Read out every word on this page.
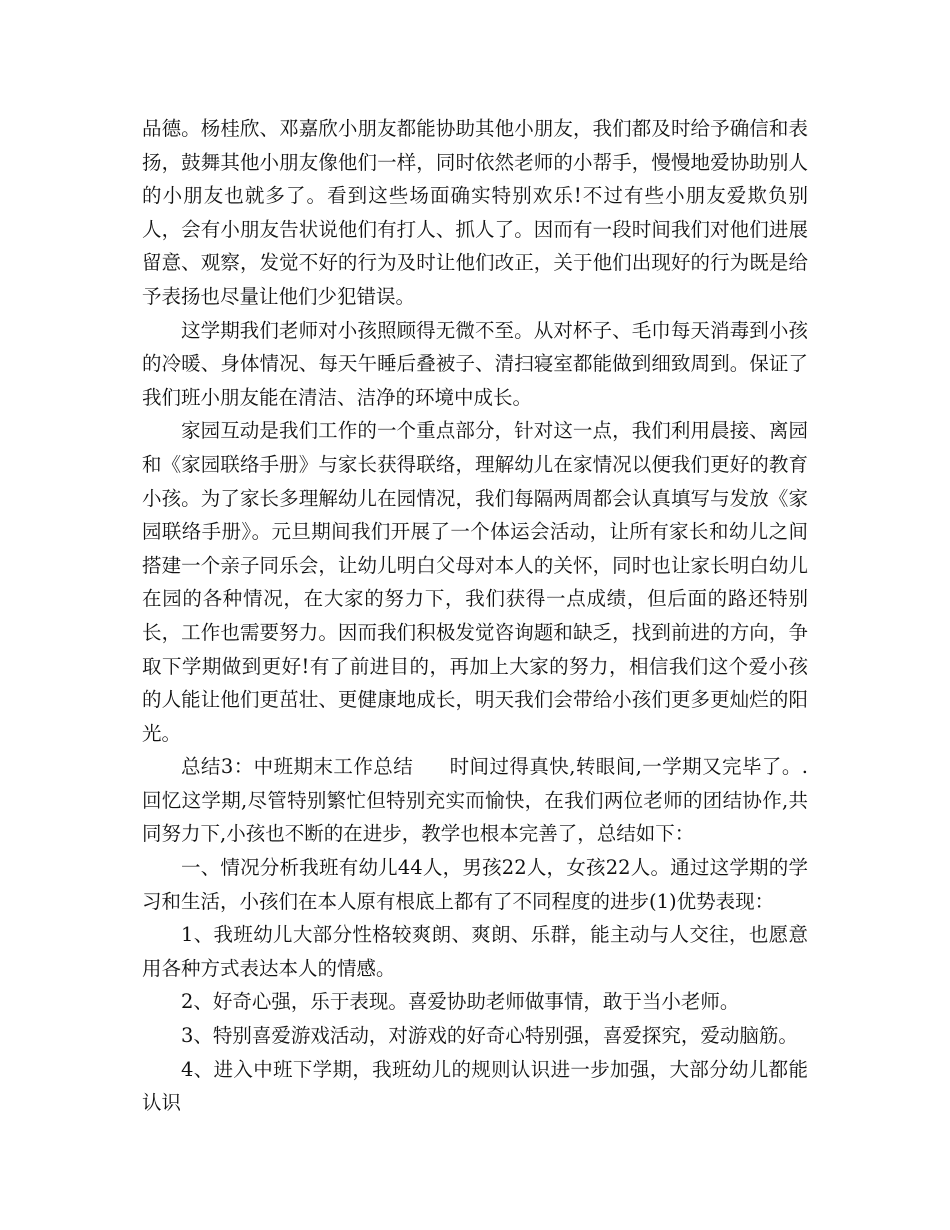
品德。杨桂欣、邓嘉欣小朋友都能协助其他小朋友，我们都及时给予确信和表扬，鼓舞其他小朋友像他们一样，同时依然老师的小帮手，慢慢地爱协助别人的小朋友也就多了。看到这些场面确实特别欢乐!不过有些小朋友爱欺负别人，会有小朋友告状说他们有打人、抓人了。因而有一段时间我们对他们进展留意、观察，发觉不好的行为及时让他们改正，关于他们出现好的行为既是给予表扬也尽量让他们少犯错误。

这学期我们老师对小孩照顾得无微不至。从对杯子、毛巾每天消毒到小孩的冷暖、身体情况、每天午睡后叠被子、清扫寝室都能做到细致周到。保证了我们班小朋友能在清洁、洁净的环境中成长。

家园互动是我们工作的一个重点部分，针对这一点，我们利用晨接、离园和《家园联络手册》与家长获得联络，理解幼儿在家情况以便我们更好的教育小孩。为了家长多理解幼儿在园情况，我们每隔两周都会认真填写与发放《家园联络手册》。元旦期间我们开展了一个体运会活动，让所有家长和幼儿之间搭建一个亲子同乐会，让幼儿明白父母对本人的关怀，同时也让家长明白幼儿在园的各种情况，在大家的努力下，我们获得一点成绩，但后面的路还特别长，工作也需要努力。因而我们积极发觉咨询题和缺乏，找到前进的方向，争取下学期做到更好!有了前进目的，再加上大家的努力，相信我们这个爱小孩的人能让他们更茁壮、更健康地成长，明天我们会带给小孩们更多更灿烂的阳光。

总结3：中班期末工作总结 时间过得真快,转眼间,一学期又完毕了。.回忆这学期,尽管特别繁忙但特别充实而愉快，在我们两位老师的团结协作,共同努力下,小孩也不断的在进步，教学也根本完善了，总结如下：

一、情况分析我班有幼儿44人，男孩22人，女孩22人。通过这学期的学习和生活，小孩们在本人原有根底上都有了不同程度的进步(1)优势表现：

1、我班幼儿大部分性格较爽朗、爽朗、乐群，能主动与人交往，也愿意用各种方式表达本人的情感。

2、好奇心强，乐于表现。喜爱协助老师做事情，敢于当小老师。

3、特别喜爱游戏活动，对游戏的好奇心特别强，喜爱探究，爱动脑筋。

4、进入中班下学期，我班幼儿的规则认识进一步加强，大部分幼儿都能认识
